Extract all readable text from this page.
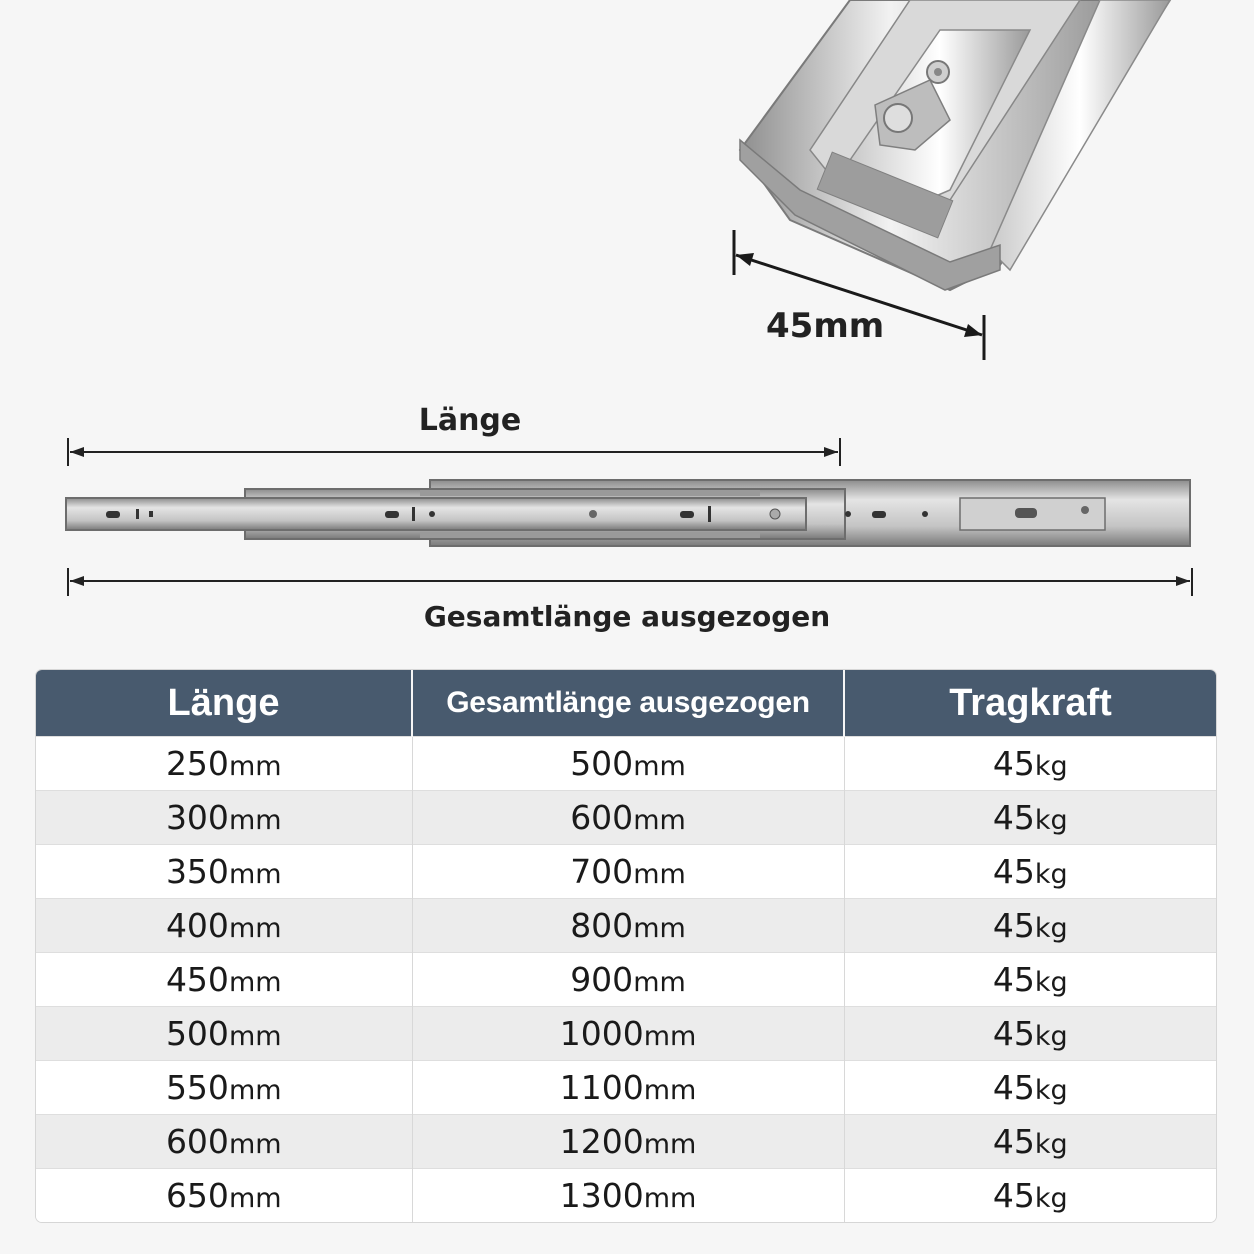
45mm
Länge
Gesamtlänge ausgezogen
Länge	Gesamtlänge ausgezogen	Tragkraft
250mm	500mm	45kg
300mm	600mm	45kg
350mm	700mm	45kg
400mm	800mm	45kg
450mm	900mm	45kg
500mm	1000mm	45kg
550mm	1100mm	45kg
600mm	1200mm	45kg
650mm	1300mm	45kg
